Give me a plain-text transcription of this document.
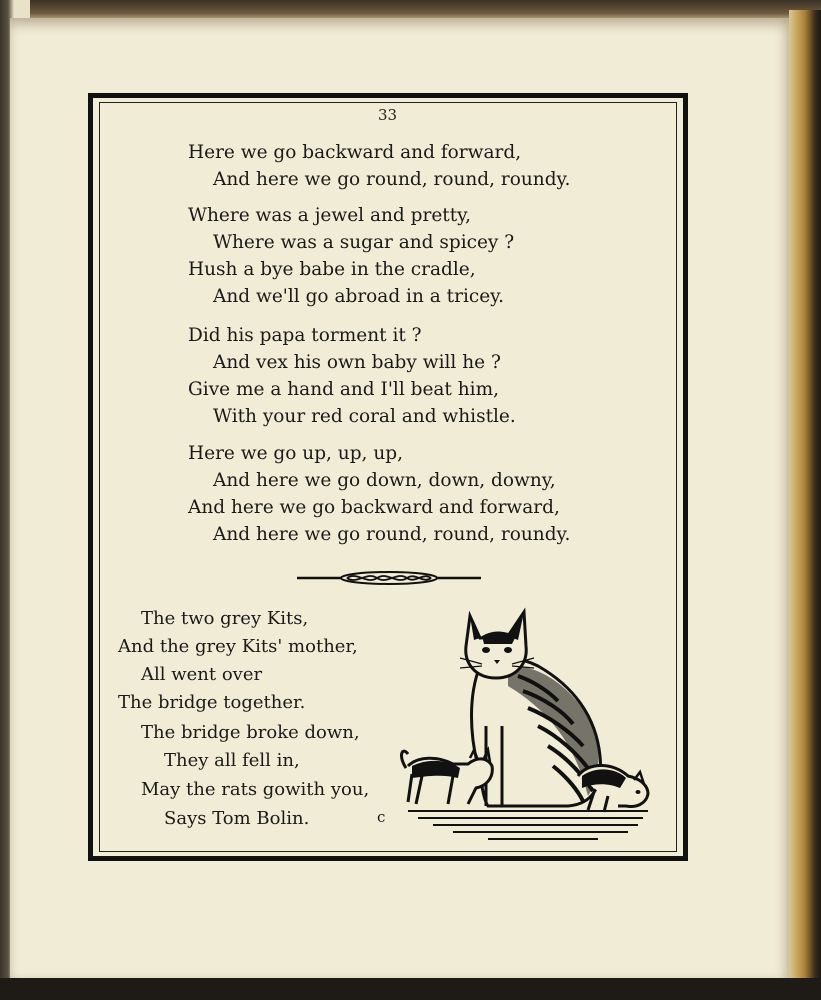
33
Here we go backward and forward,
And here we go round, round, roundy.
Where was a jewel and pretty,
Where was a sugar and spicey ?
Hush a bye babe in the cradle,
And we'll go abroad in a tricey.
Did his papa torment it ?
And vex his own baby will he ?
Give me a hand and I'll beat him,
With your red coral and whistle.
Here we go up, up, up,
And here we go down, down, downy,
And here we go backward and forward,
And here we go round, round, roundy.
The two grey Kits,
And the grey Kits' mother,
All went over
The bridge together.
The bridge broke down,
They all fell in,
May the rats gowith you,
Says Tom Bolin.	c
